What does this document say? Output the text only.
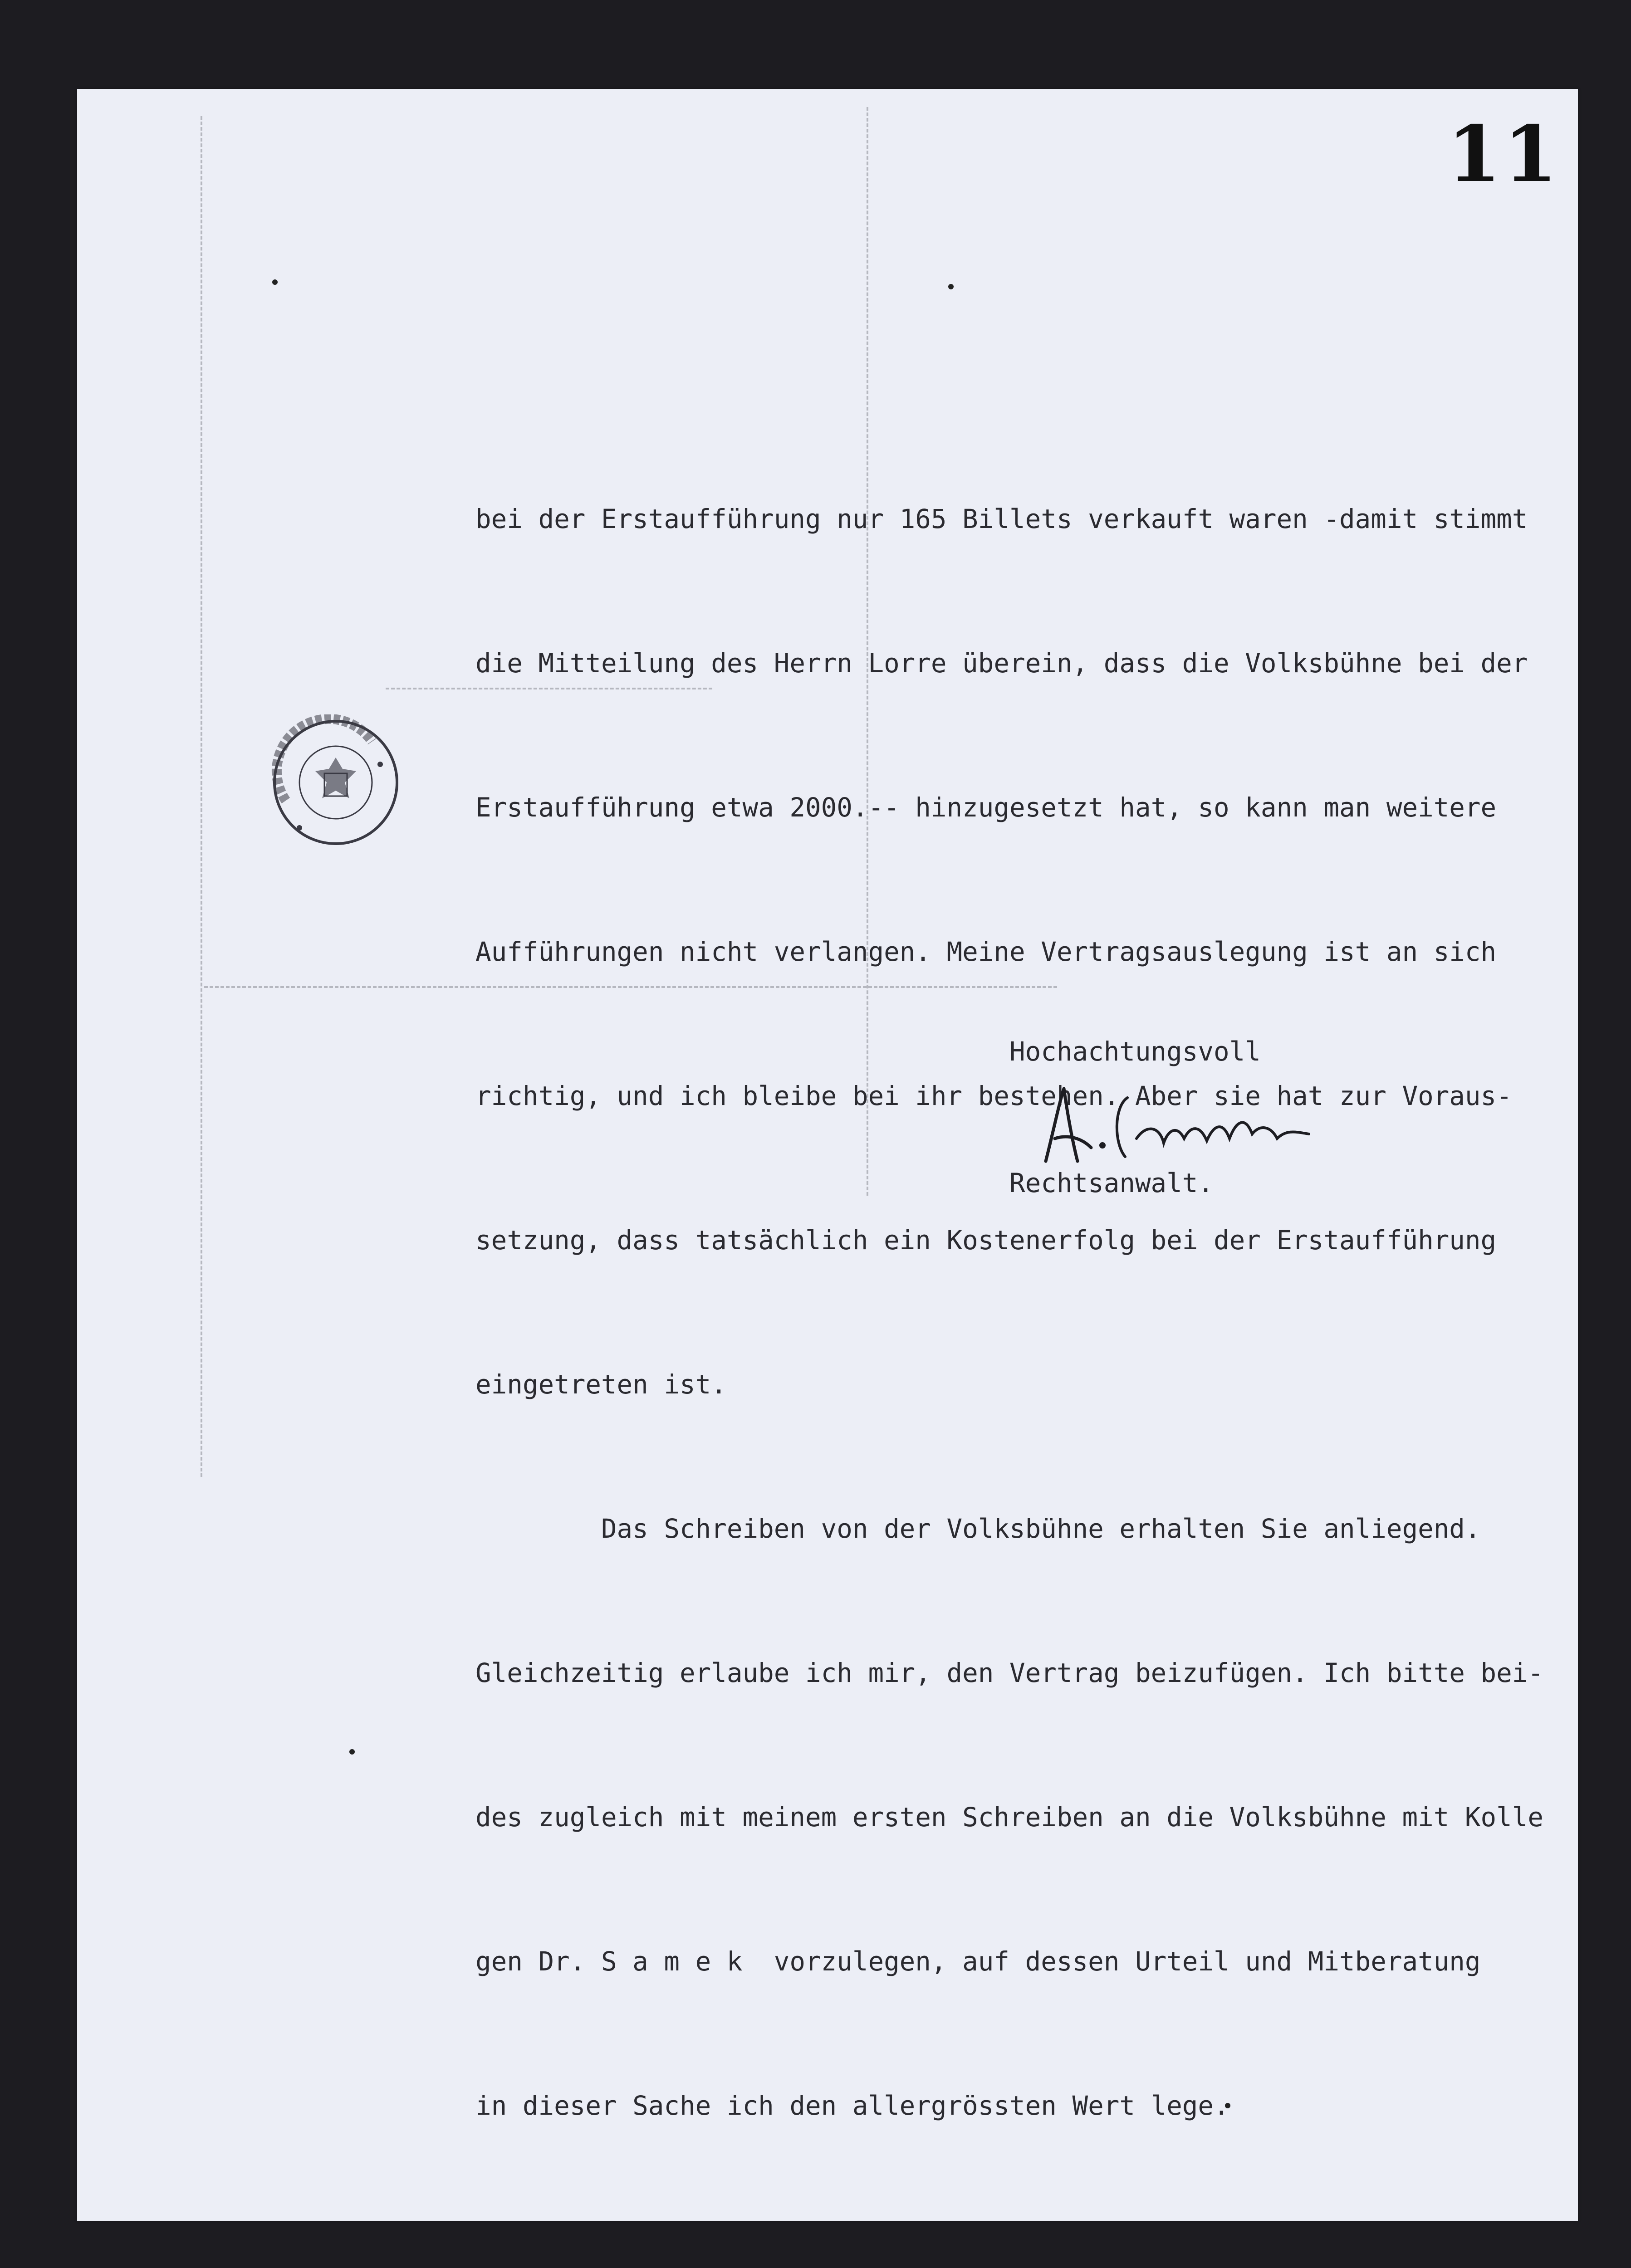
11

bei der Erstaufführung nur 165 Billets verkauft waren -damit stimmt

die Mitteilung des Herrn Lorre überein, dass die Volksbühne bei der

Erstaufführung etwa 2000.-- hinzugesetzt hat, so kann man weitere

Aufführungen nicht verlangen. Meine Vertragsauslegung ist an sich

richtig, und ich bleibe bei ihr bestehen. Aber sie hat zur Voraus-

setzung, dass tatsächlich ein Kostenerfolg bei der Erstaufführung

eingetreten ist.

Das Schreiben von der Volksbühne erhalten Sie anliegend.

Gleichzeitig erlaube ich mir, den Vertrag beizufügen. Ich bitte bei-

des zugleich mit meinem ersten Schreiben an die Volksbühne mit Kolle

gen Dr. S a m e k  vorzulegen, auf dessen Urteil und Mitberatung

in dieser Sache ich den allergrössten Wert lege.

Hochachtungsvoll
Rechtsanwalt.
